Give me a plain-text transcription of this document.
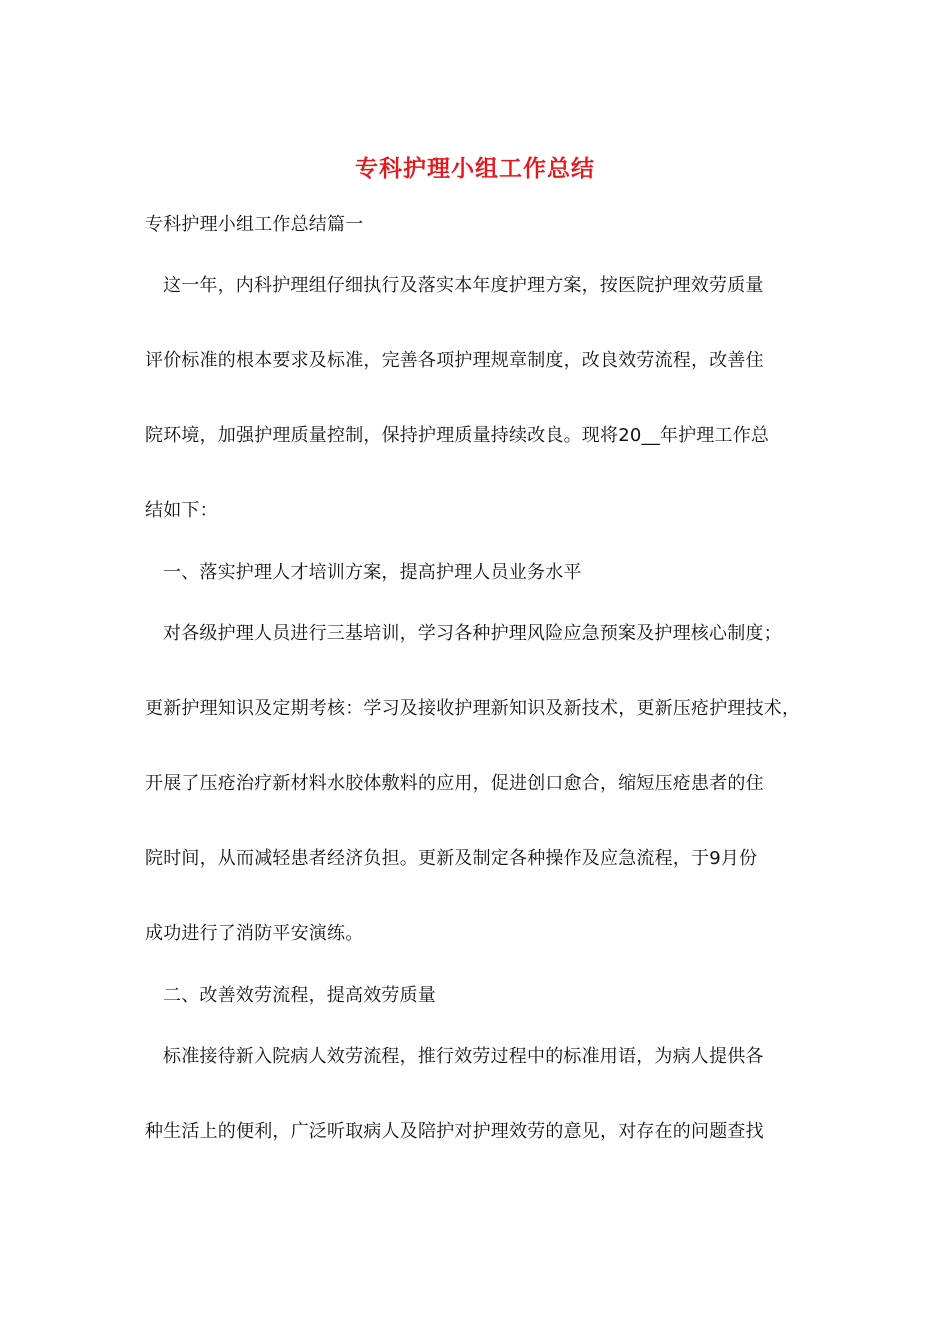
专科护理小组工作总结
专科护理小组工作总结篇一
这一年，内科护理组仔细执行及落实本年度护理方案，按医院护理效劳质量
评价标准的根本要求及标准，完善各项护理规章制度，改良效劳流程，改善住
院环境，加强护理质量控制，保持护理质量持续改良。现将20__年护理工作总
结如下：
一、落实护理人才培训方案，提高护理人员业务水平
对各级护理人员进行三基培训，学习各种护理风险应急预案及护理核心制度；
更新护理知识及定期考核：学习及接收护理新知识及新技术，更新压疮护理技术，
开展了压疮治疗新材料水胶体敷料的应用，促进创口愈合，缩短压疮患者的住
院时间，从而减轻患者经济负担。更新及制定各种操作及应急流程，于9月份
成功进行了消防平安演练。
二、改善效劳流程，提高效劳质量
标准接待新入院病人效劳流程，推行效劳过程中的标准用语，为病人提供各
种生活上的便利，广泛听取病人及陪护对护理效劳的意见，对存在的问题查找
